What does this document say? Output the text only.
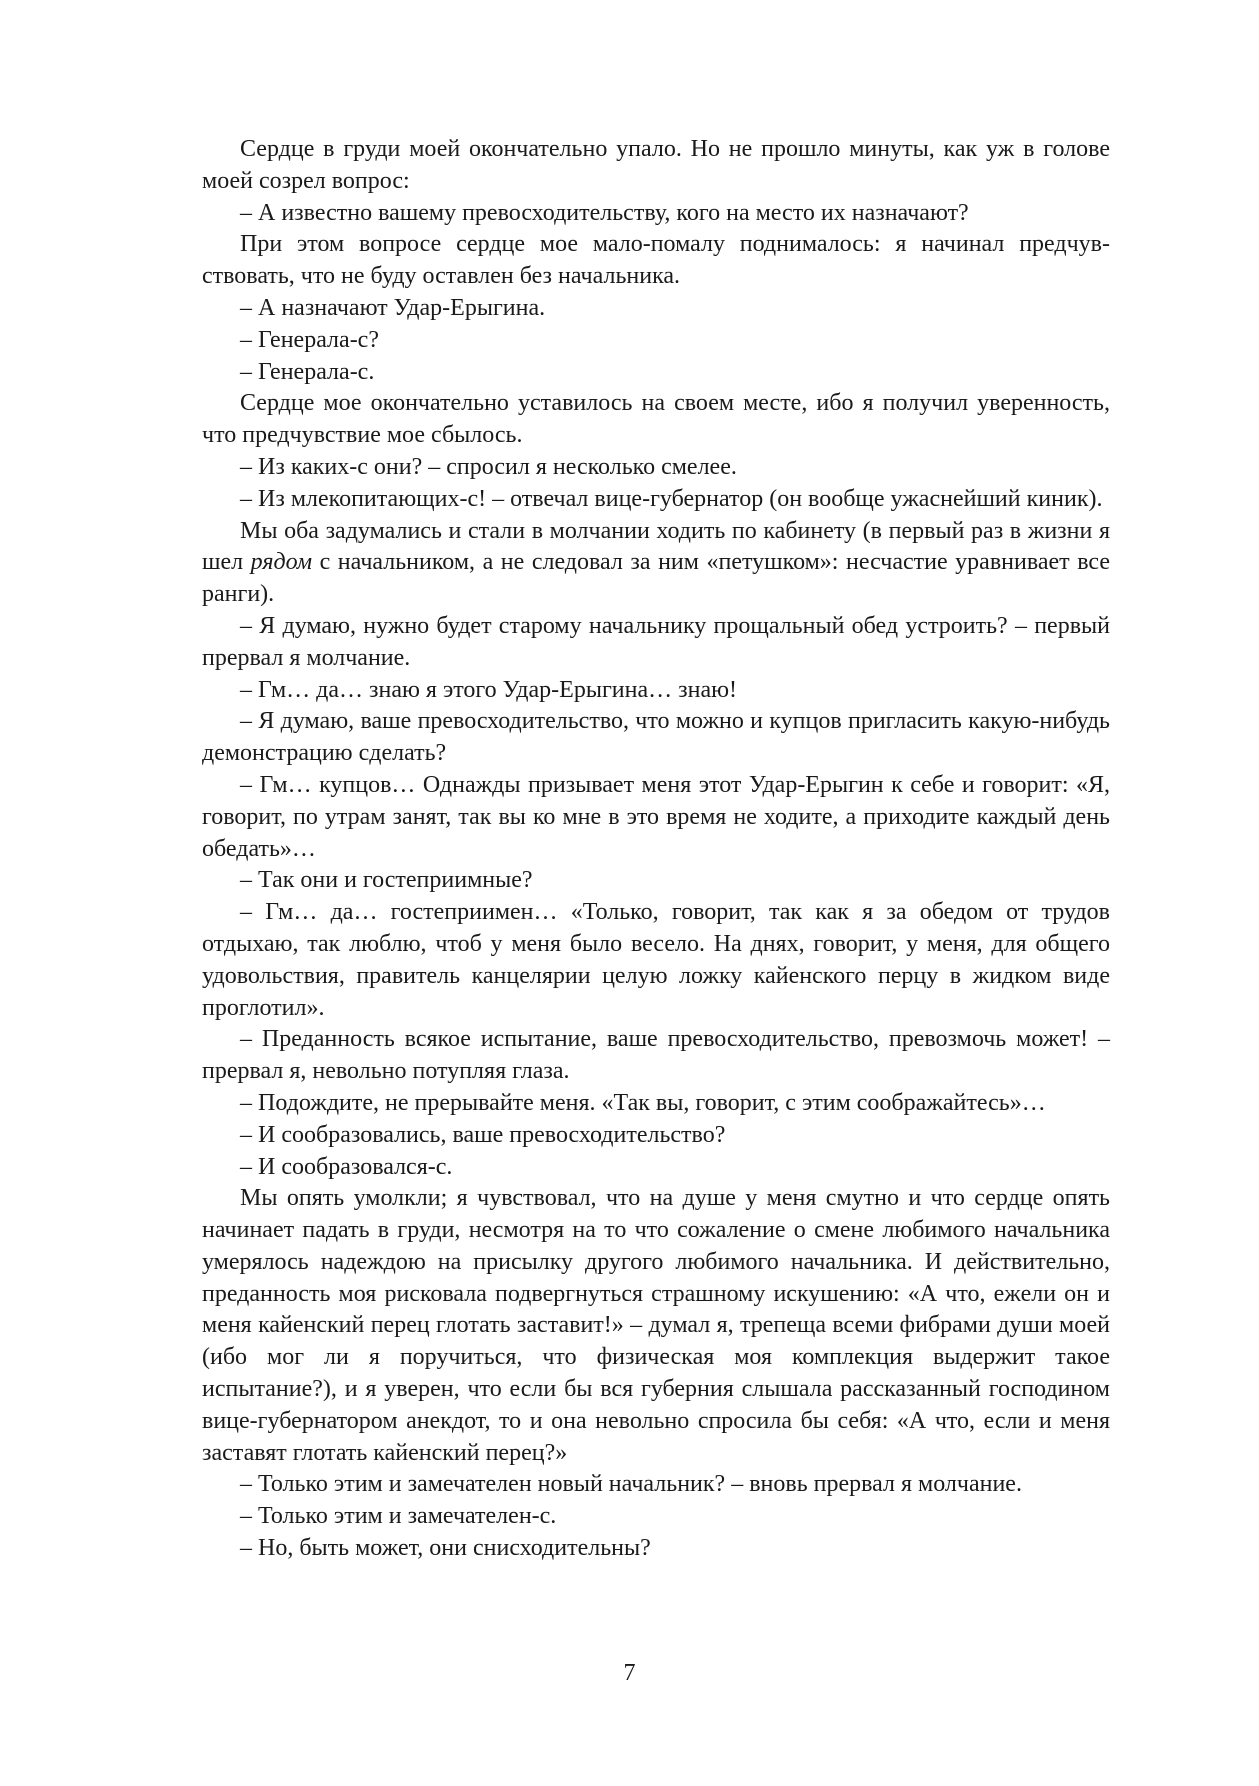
Сердце в груди моей окончательно упало. Но не прошло минуты, как уж в голове моей созрел вопрос:

– А известно вашему превосходительству, кого на место их назначают?

При этом вопросе сердце мое мало-помалу поднималось: я начинал предчувствовать, что не буду оставлен без начальника.

– А назначают Удар-Ерыгина.

– Генерала-с?

– Генерала-с.

Сердце мое окончательно уставилось на своем месте, ибо я получил уверенность, что предчувствие мое сбылось.

– Из каких-с они? – спросил я несколько смелее.

– Из млекопитающих-с! – отвечал вице-губернатор (он вообще ужаснейший киник).

Мы оба задумались и стали в молчании ходить по кабинету (в первый раз в жизни я шел рядом с начальником, а не следовал за ним «петушком»: несчастие уравнивает все ранги).

– Я думаю, нужно будет старому начальнику прощальный обед устроить? – первый прервал я молчание.

– Гм… да… знаю я этого Удар-Ерыгина… знаю!

– Я думаю, ваше превосходительство, что можно и купцов пригласить какую-нибудь демонстрацию сделать?

– Гм… купцов… Однажды призывает меня этот Удар-Ерыгин к себе и говорит: «Я, говорит, по утрам занят, так вы ко мне в это время не ходите, а приходите каждый день обедать»…

– Так они и гостеприимные?

– Гм… да… гостеприимен… «Только, говорит, так как я за обедом от трудов отдыхаю, так люблю, чтоб у меня было весело. На днях, говорит, у меня, для общего удовольствия, правитель канцелярии целую ложку кайенского перцу в жидком виде проглотил».

– Преданность всякое испытание, ваше превосходительство, превозмочь может! – прервал я, невольно потупляя глаза.

– Подождите, не прерывайте меня. «Так вы, говорит, с этим соображайтесь»…

– И сообразовались, ваше превосходительство?

– И сообразовался-с.

Мы опять умолкли; я чувствовал, что на душе у меня смутно и что сердце опять начинает падать в груди, несмотря на то что сожаление о смене любимого начальника умерялось надеждою на присылку другого любимого начальника. И действительно, преданность моя рисковала подвергнуться страшному искушению: «А что, ежели он и меня кайенский перец глотать заставит!» – думал я, трепеща всеми фибрами души моей (ибо мог ли я поручиться, что физическая моя комплекция выдержит такое испытание?), и я уверен, что если бы вся губерния слышала рассказанный господином вице-губернатором анекдот, то и она невольно спросила бы себя: «А что, если и меня заставят глотать кайенский перец?»

– Только этим и замечателен новый начальник? – вновь прервал я молчание.

– Только этим и замечателен-с.

– Но, быть может, они снисходительны?

7
